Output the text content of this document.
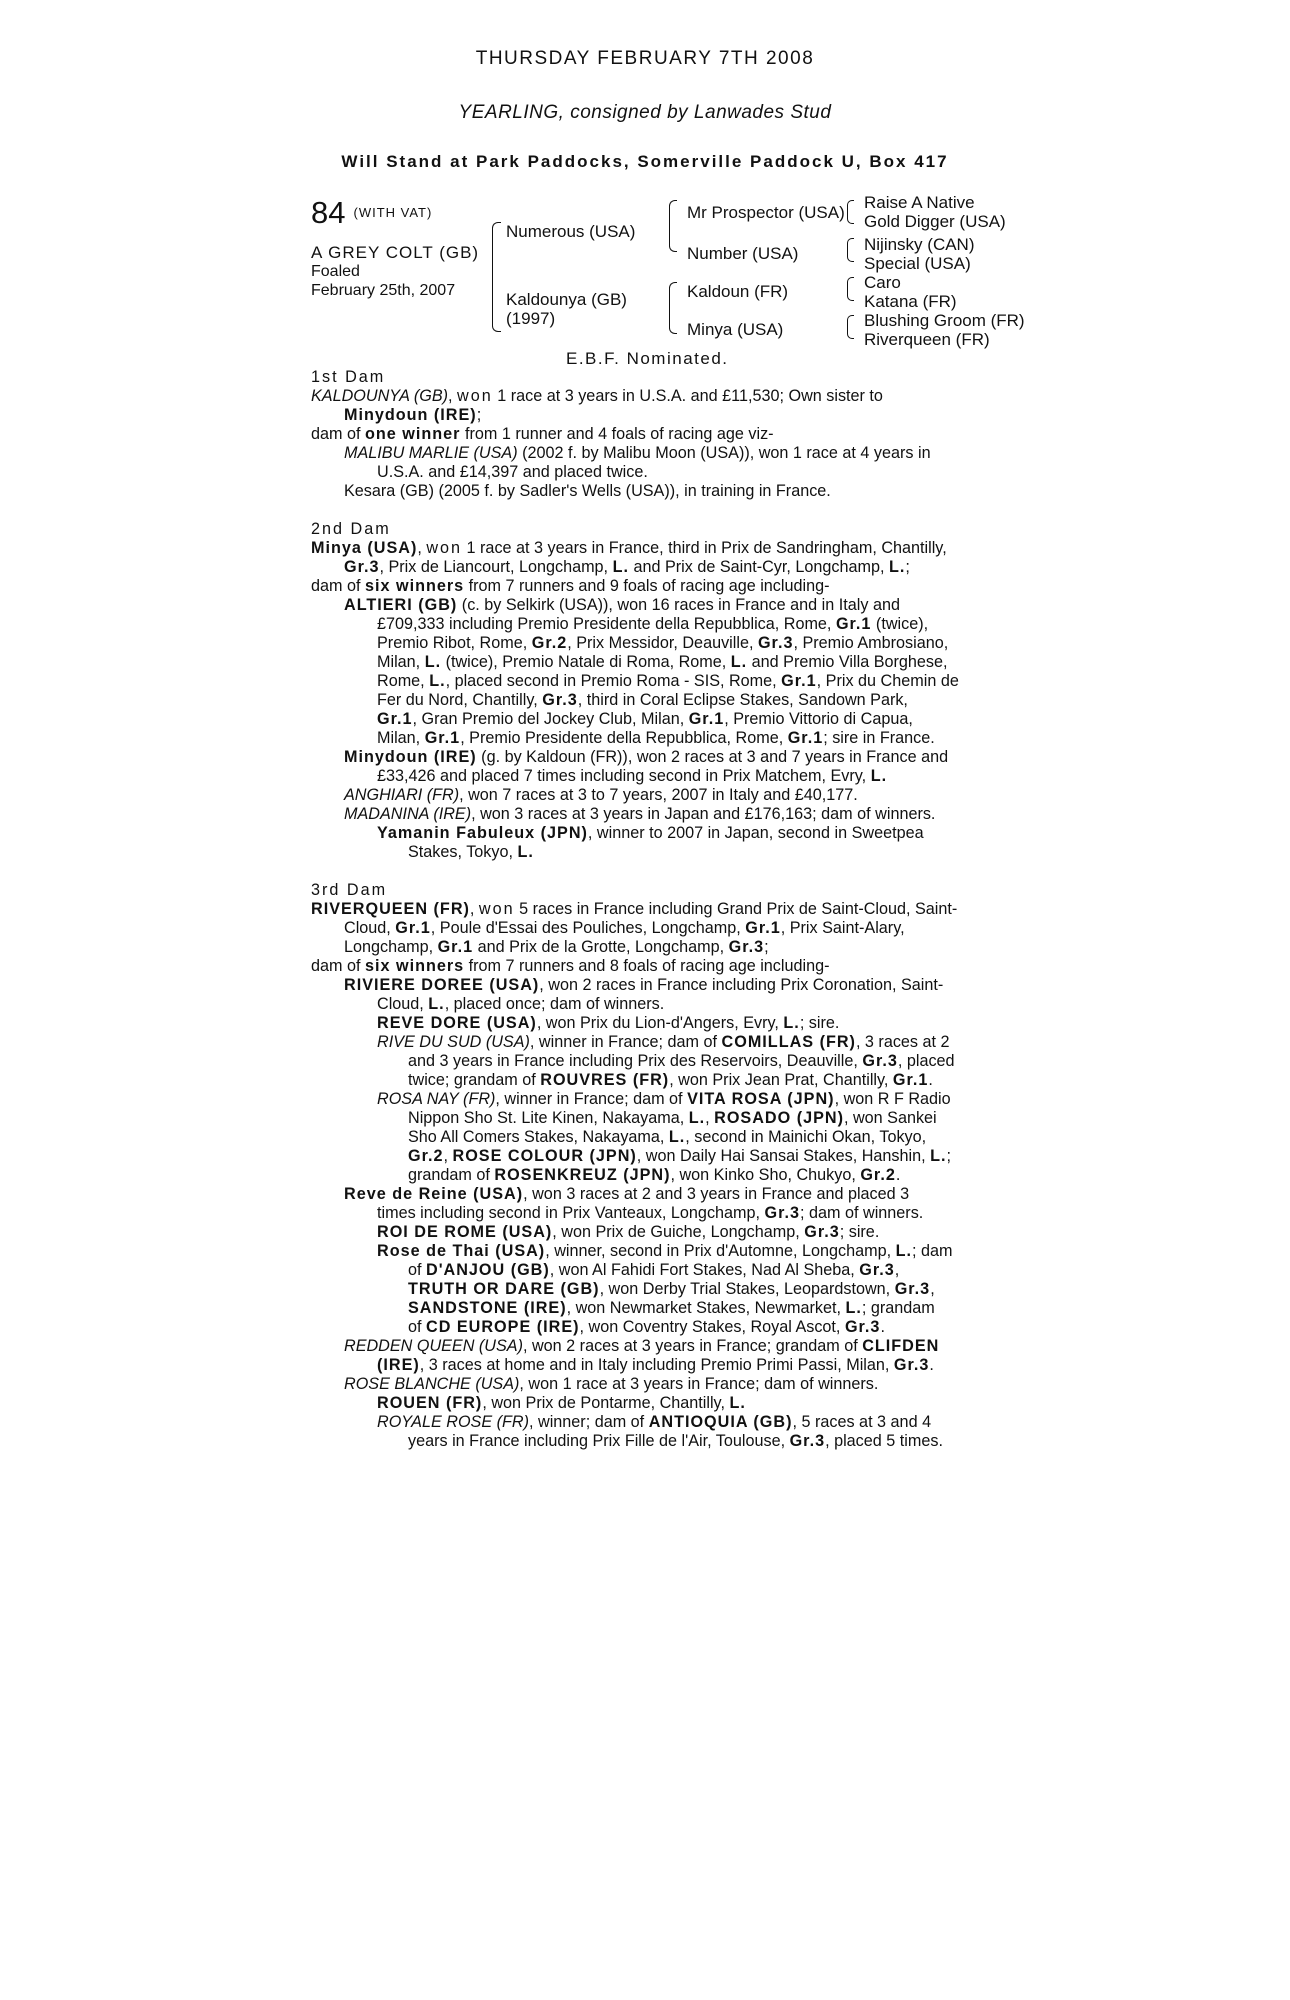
THURSDAY FEBRUARY 7TH 2008
YEARLING, consigned by Lanwades Stud
Will Stand at Park Paddocks, Somerville Paddock U, Box 417
84 (WITH VAT)
A GREY COLT (GB)
Foaled
February 25th, 2007
Numerous (USA)
Kaldounya (GB)
(1997)
Mr Prospector (USA)
Number (USA)
Kaldoun (FR)
Minya (USA)
Raise A Native
Gold Digger (USA)
Nijinsky (CAN)
Special (USA)
Caro
Katana (FR)
Blushing Groom (FR)
Riverqueen (FR)
E.B.F. Nominated.

1st Dam

KALDOUNYA (GB), won 1 race at 3 years in U.S.A. and £11,530; Own sister to

Minydoun (IRE);

dam of one winner from 1 runner and 4 foals of racing age viz-

MALIBU MARLIE (USA) (2002 f. by Malibu Moon (USA)), won 1 race at 4 years in

U.S.A. and £14,397 and placed twice.

Kesara (GB) (2005 f. by Sadler's Wells (USA)), in training in France.

2nd Dam

Minya (USA), won 1 race at 3 years in France, third in Prix de Sandringham, Chantilly,

Gr.3, Prix de Liancourt, Longchamp, L. and Prix de Saint-Cyr, Longchamp, L.;

dam of six winners from 7 runners and 9 foals of racing age including-

ALTIERI (GB) (c. by Selkirk (USA)), won 16 races in France and in Italy and

£709,333 including Premio Presidente della Repubblica, Rome, Gr.1 (twice),

Premio Ribot, Rome, Gr.2, Prix Messidor, Deauville, Gr.3, Premio Ambrosiano,

Milan, L. (twice), Premio Natale di Roma, Rome, L. and Premio Villa Borghese,

Rome, L., placed second in Premio Roma - SIS, Rome, Gr.1, Prix du Chemin de

Fer du Nord, Chantilly, Gr.3, third in Coral Eclipse Stakes, Sandown Park,

Gr.1, Gran Premio del Jockey Club, Milan, Gr.1, Premio Vittorio di Capua,

Milan, Gr.1, Premio Presidente della Repubblica, Rome, Gr.1; sire in France.

Minydoun (IRE) (g. by Kaldoun (FR)), won 2 races at 3 and 7 years in France and

£33,426 and placed 7 times including second in Prix Matchem, Evry, L.

ANGHIARI (FR), won 7 races at 3 to 7 years, 2007 in Italy and £40,177.

MADANINA (IRE), won 3 races at 3 years in Japan and £176,163; dam of winners.

Yamanin Fabuleux (JPN), winner to 2007 in Japan, second in Sweetpea

Stakes, Tokyo, L.

3rd Dam

RIVERQUEEN (FR), won 5 races in France including Grand Prix de Saint-Cloud, Saint-

Cloud, Gr.1, Poule d'Essai des Pouliches, Longchamp, Gr.1, Prix Saint-Alary,

Longchamp, Gr.1 and Prix de la Grotte, Longchamp, Gr.3;

dam of six winners from 7 runners and 8 foals of racing age including-

RIVIERE DOREE (USA), won 2 races in France including Prix Coronation, Saint-

Cloud, L., placed once; dam of winners.

REVE DORE (USA), won Prix du Lion-d'Angers, Evry, L.; sire.

RIVE DU SUD (USA), winner in France; dam of COMILLAS (FR), 3 races at 2

and 3 years in France including Prix des Reservoirs, Deauville, Gr.3, placed

twice; grandam of ROUVRES (FR), won Prix Jean Prat, Chantilly, Gr.1.

ROSA NAY (FR), winner in France; dam of VITA ROSA (JPN), won R F Radio

Nippon Sho St. Lite Kinen, Nakayama, L., ROSADO (JPN), won Sankei

Sho All Comers Stakes, Nakayama, L., second in Mainichi Okan, Tokyo,

Gr.2, ROSE COLOUR (JPN), won Daily Hai Sansai Stakes, Hanshin, L.;

grandam of ROSENKREUZ (JPN), won Kinko Sho, Chukyo, Gr.2.

Reve de Reine (USA), won 3 races at 2 and 3 years in France and placed 3

times including second in Prix Vanteaux, Longchamp, Gr.3; dam of winners.

ROI DE ROME (USA), won Prix de Guiche, Longchamp, Gr.3; sire.

Rose de Thai (USA), winner, second in Prix d'Automne, Longchamp, L.; dam

of D'ANJOU (GB), won Al Fahidi Fort Stakes, Nad Al Sheba, Gr.3,

TRUTH OR DARE (GB), won Derby Trial Stakes, Leopardstown, Gr.3,

SANDSTONE (IRE), won Newmarket Stakes, Newmarket, L.; grandam

of CD EUROPE (IRE), won Coventry Stakes, Royal Ascot, Gr.3.

REDDEN QUEEN (USA), won 2 races at 3 years in France; grandam of CLIFDEN

(IRE), 3 races at home and in Italy including Premio Primi Passi, Milan, Gr.3.

ROSE BLANCHE (USA), won 1 race at 3 years in France; dam of winners.

ROUEN (FR), won Prix de Pontarme, Chantilly, L.

ROYALE ROSE (FR), winner; dam of ANTIOQUIA (GB), 5 races at 3 and 4

years in France including Prix Fille de l'Air, Toulouse, Gr.3, placed 5 times.
